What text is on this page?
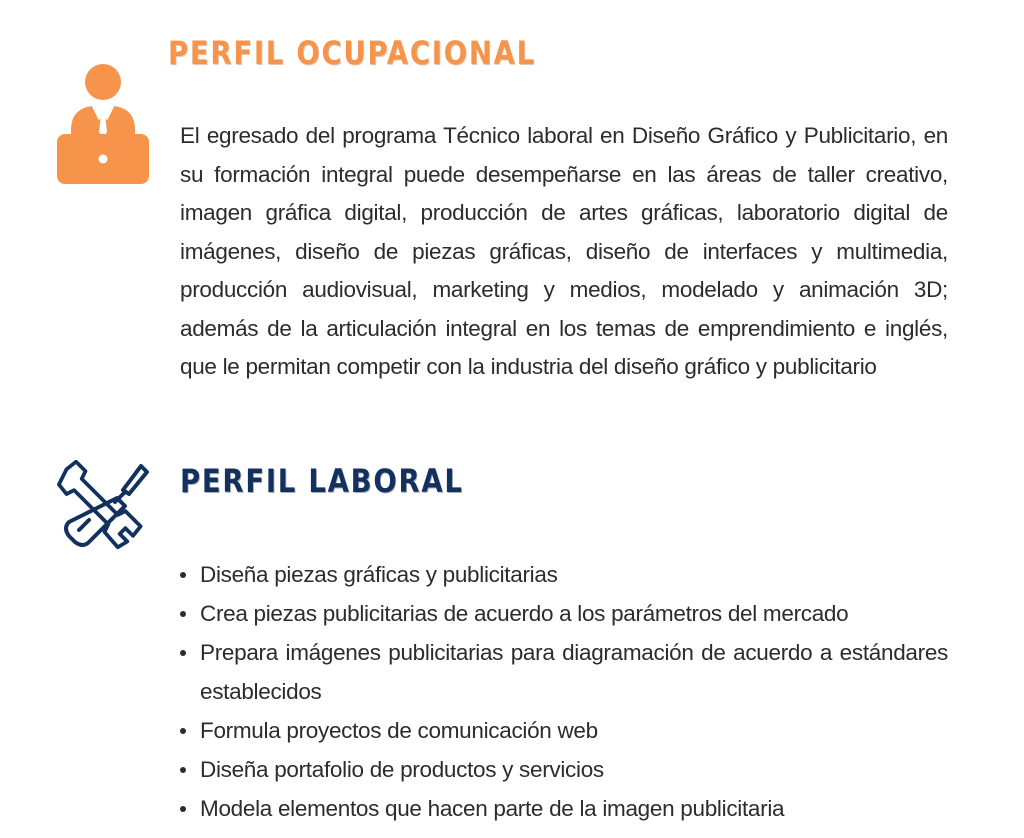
PERFIL OCUPACIONAL

El egresado del programa Técnico laboral en Diseño Gráfico y Publicitario, en su formación integral puede desempeñarse en las áreas de taller creativo, imagen gráfica digital, producción de artes gráficas, laboratorio digital de imágenes, diseño de piezas gráficas, diseño de interfaces y multimedia, producción audiovisual, marketing y medios, modelado y animación 3D; además de la articulación integral en los temas de emprendimiento e inglés, que le permitan competir con la industria del diseño gráfico y publicitario

PERFIL LABORAL
Diseña piezas gráficas y publicitarias
Crea piezas publicitarias de acuerdo a los parámetros del mercado
Prepara imágenes publicitarias para diagramación de acuerdo a estándares establecidos
Formula proyectos de comunicación web
Diseña portafolio de productos y servicios
Modela elementos que hacen parte de la imagen publicitaria
